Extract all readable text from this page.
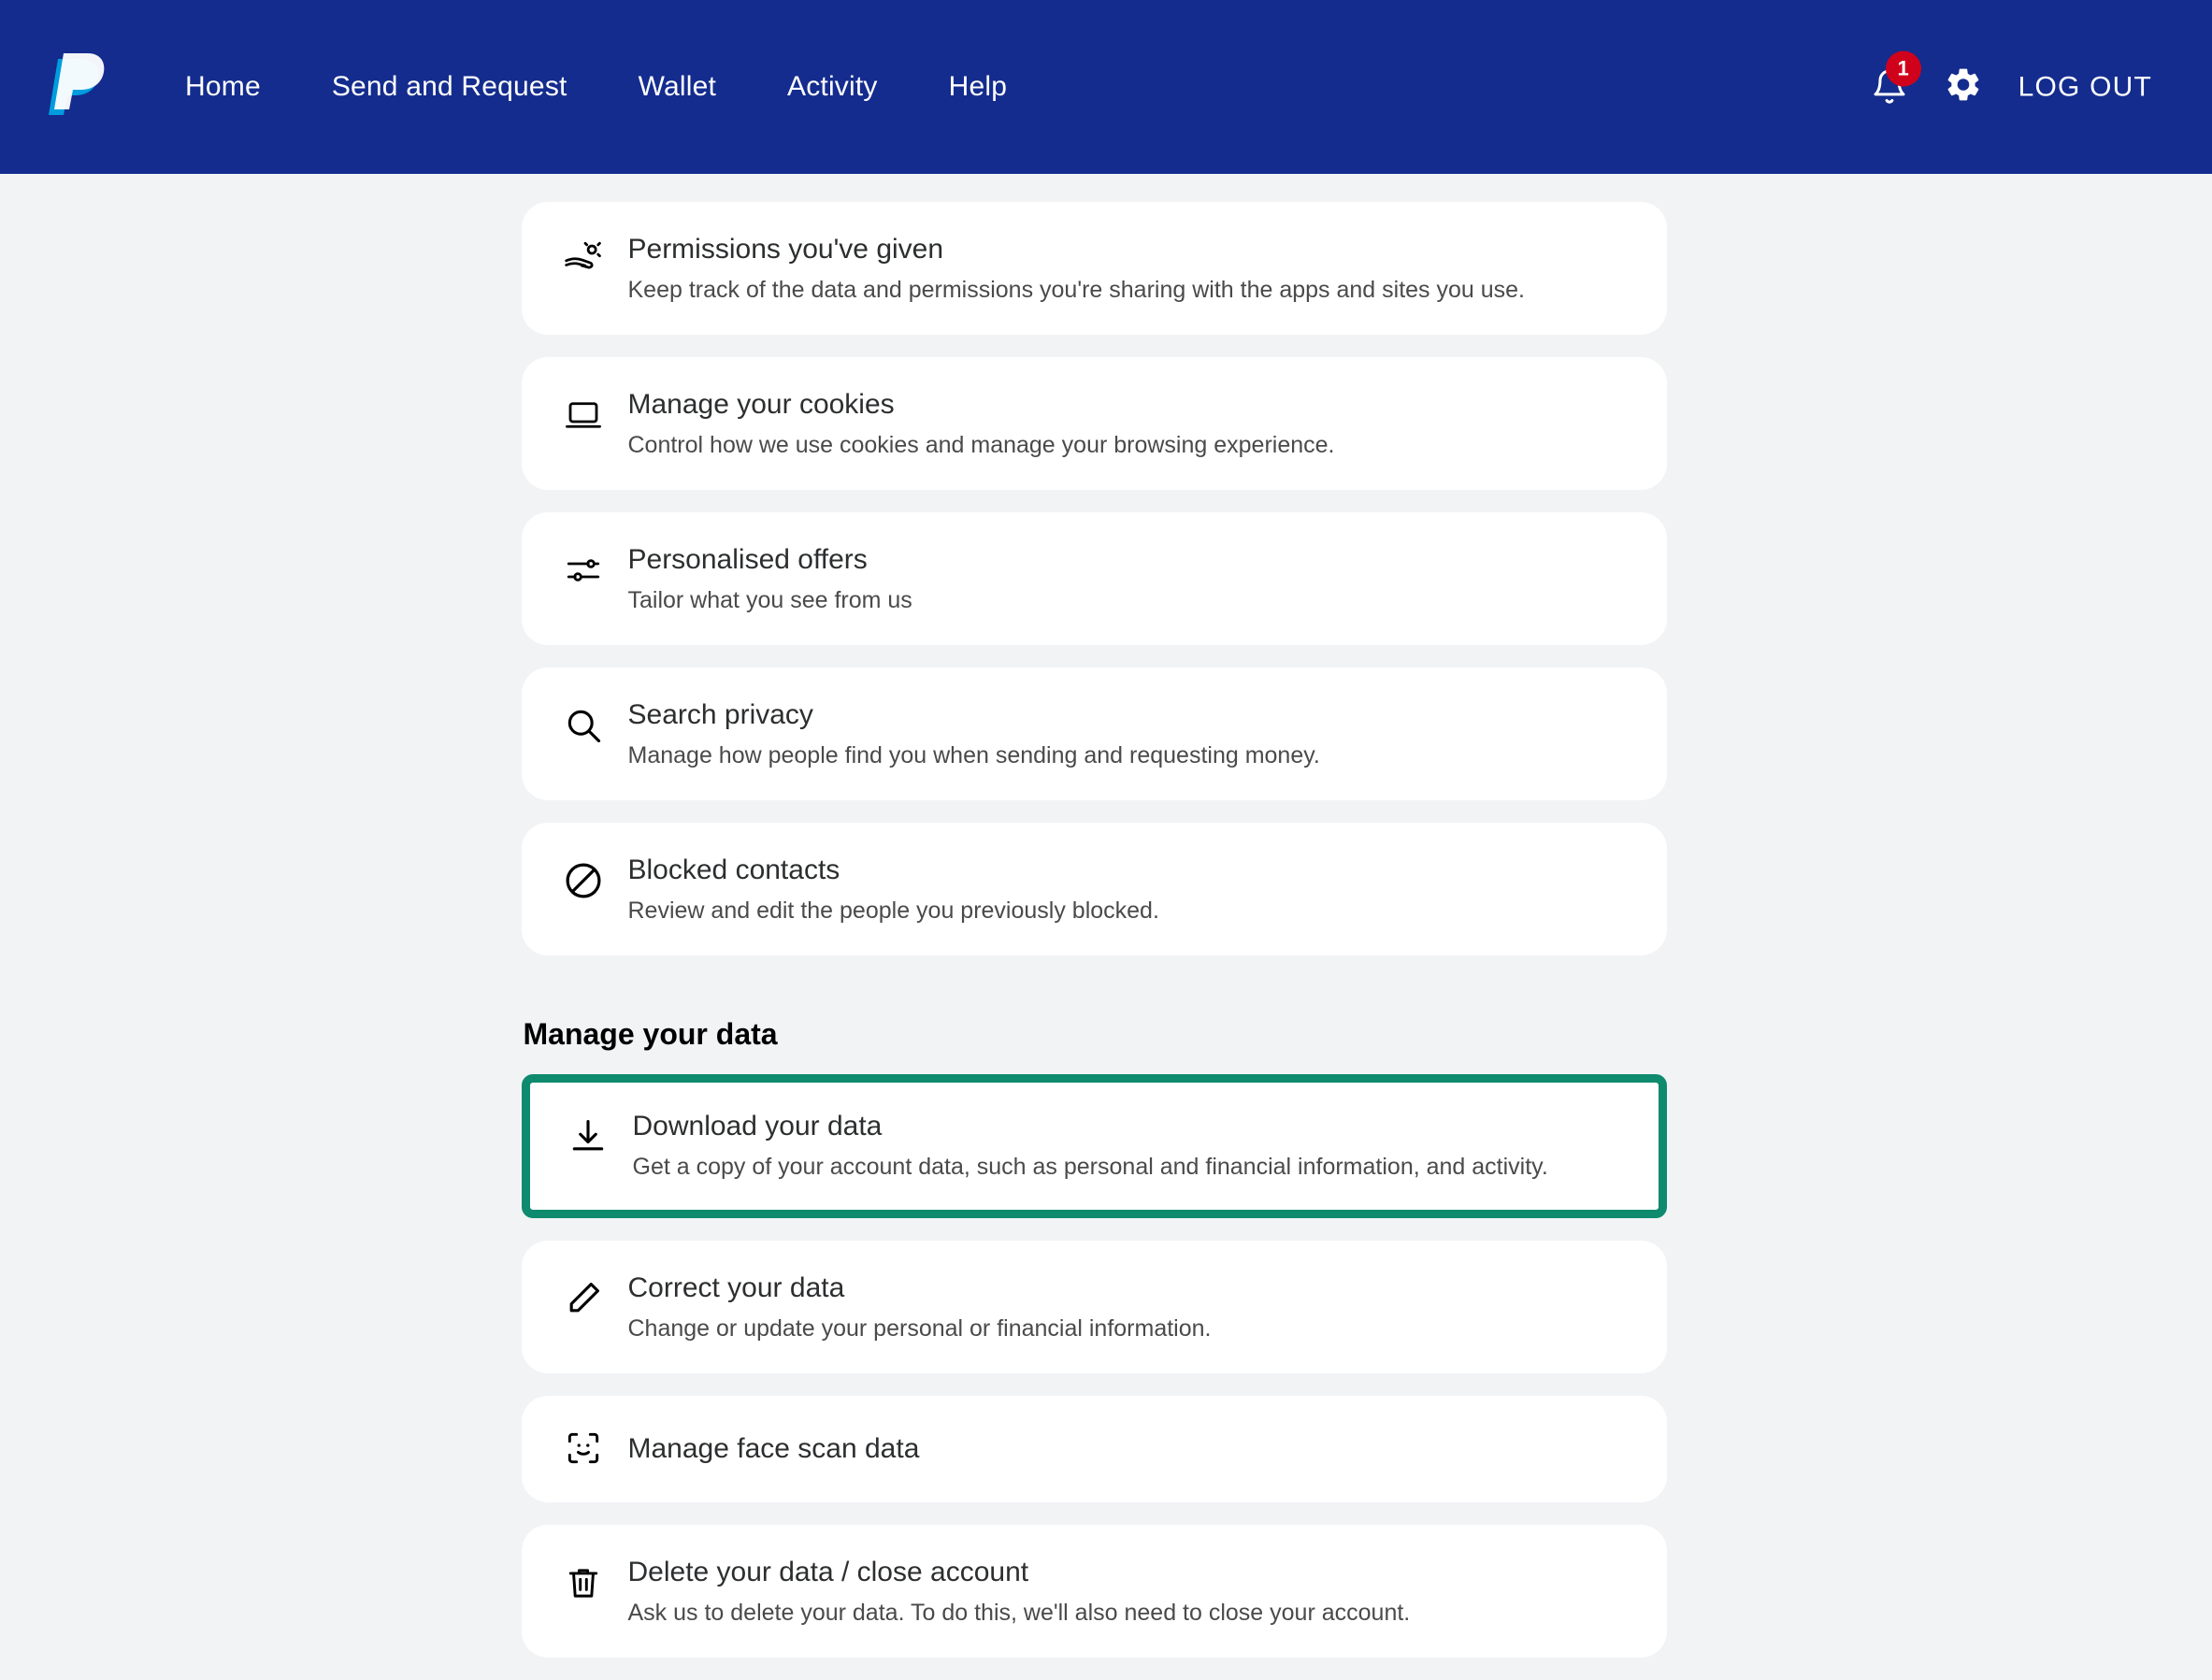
Home	Send and Request	Wallet	Activity	Help
1
LOG OUT
Permissions you've given
Keep track of the data and permissions you're sharing with the apps and sites you use.
Manage your cookies
Control how we use cookies and manage your browsing experience.
Personalised offers
Tailor what you see from us
Search privacy
Manage how people find you when sending and requesting money.
Blocked contacts
Review and edit the people you previously blocked.
Manage your data
Download your data
Get a copy of your account data, such as personal and financial information, and activity.
Correct your data
Change or update your personal or financial information.
Manage face scan data
Delete your data / close account
Ask us to delete your data. To do this, we'll also need to close your account.
